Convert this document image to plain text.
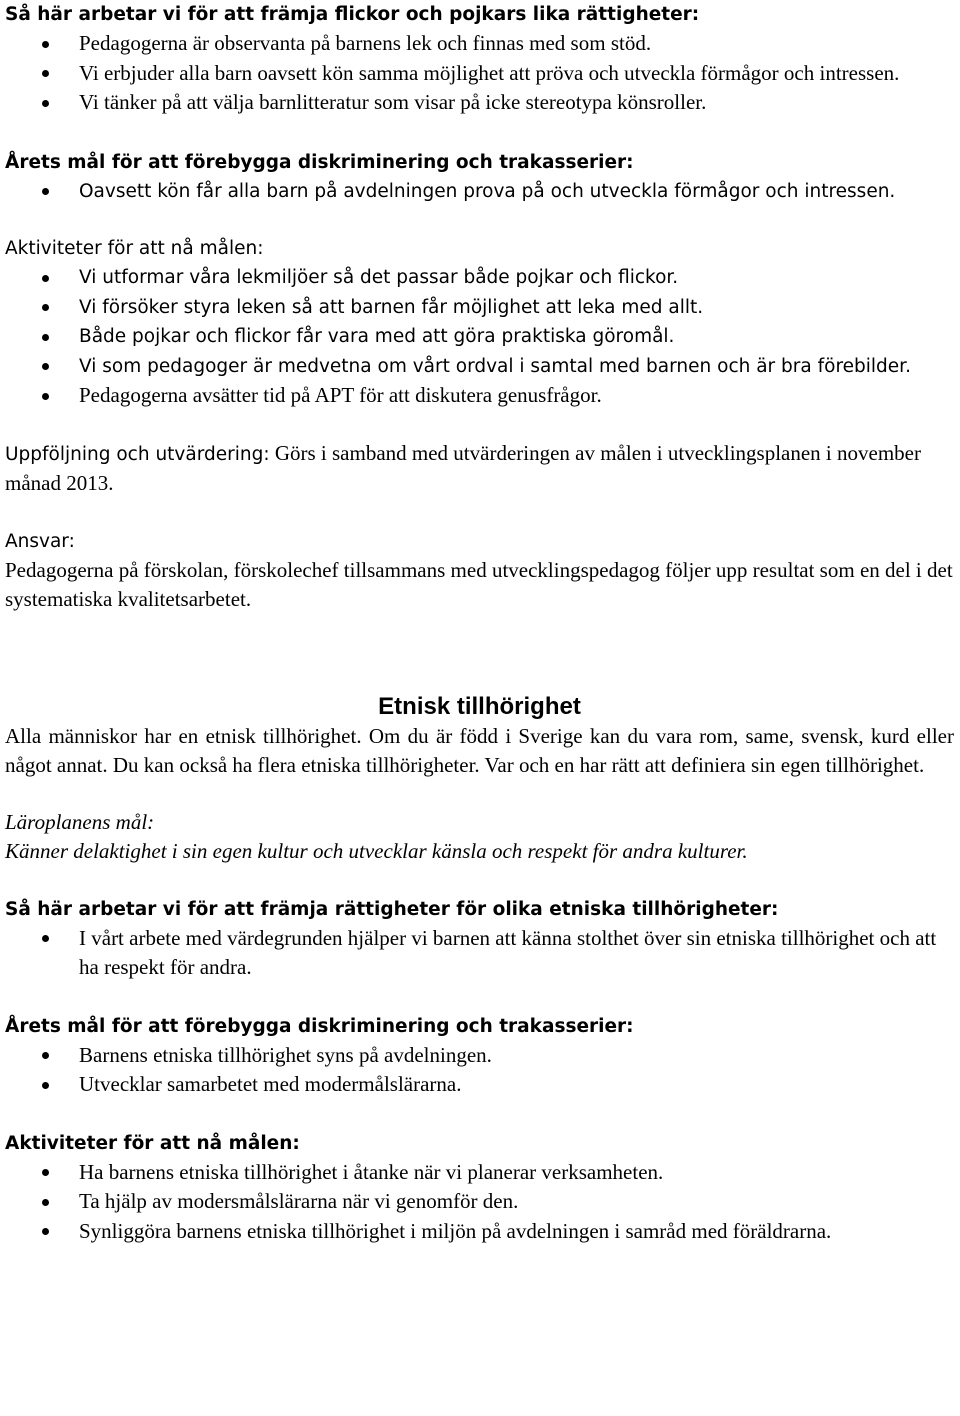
Så här arbetar vi för att främja flickor och pojkars lika rättigheter:

Pedagogerna är observanta på barnens lek och finnas med som stöd.
Vi erbjuder alla barn oavsett kön samma möjlighet att pröva och utveckla förmågor och intressen.
Vi tänker på att välja barnlitteratur som visar på icke stereotypa könsroller.

Årets mål för att förebygga diskriminering och trakasserier:

Oavsett kön får alla barn på avdelningen prova på och utveckla förmågor och intressen.

Aktiviteter för att nå målen:

Vi utformar våra lekmiljöer så det passar både pojkar och flickor.
Vi försöker styra leken så att barnen får möjlighet att leka med allt.
Både pojkar och flickor får vara med att göra praktiska göromål.
Vi som pedagoger är medvetna om vårt ordval i samtal med barnen och är bra förebilder.
Pedagogerna avsätter tid på APT för att diskutera genusfrågor.

Uppföljning och utvärdering: Görs i samband med utvärderingen av målen i utvecklingsplanen i november månad 2013.

Ansvar:

Pedagogerna på förskolan, förskolechef tillsammans med utvecklingspedagog följer upp resultat som en del i det systematiska kvalitetsarbetet.

Etnisk tillhörighet

Alla människor har en etnisk tillhörighet. Om du är född i Sverige kan du vara rom, same, svensk, kurd eller något annat. Du kan också ha flera etniska tillhörigheter. Var och en har rätt att definiera sin egen tillhörighet.

Läroplanens mål:

Känner delaktighet i sin egen kultur och utvecklar känsla och respekt för andra kulturer.

Så här arbetar vi för att främja rättigheter för olika etniska tillhörigheter:

I vårt arbete med värdegrunden hjälper vi barnen att känna stolthet över sin etniska tillhörighet och att ha respekt för andra.

Årets mål för att förebygga diskriminering och trakasserier:

Barnens etniska tillhörighet syns på avdelningen.
Utvecklar samarbetet med modermålslärarna.

Aktiviteter för att nå målen:

Ha barnens etniska tillhörighet i åtanke när vi planerar verksamheten.
Ta hjälp av modersmålslärarna när vi genomför den.
Synliggöra barnens etniska tillhörighet i miljön på avdelningen i samråd med föräldrarna.
